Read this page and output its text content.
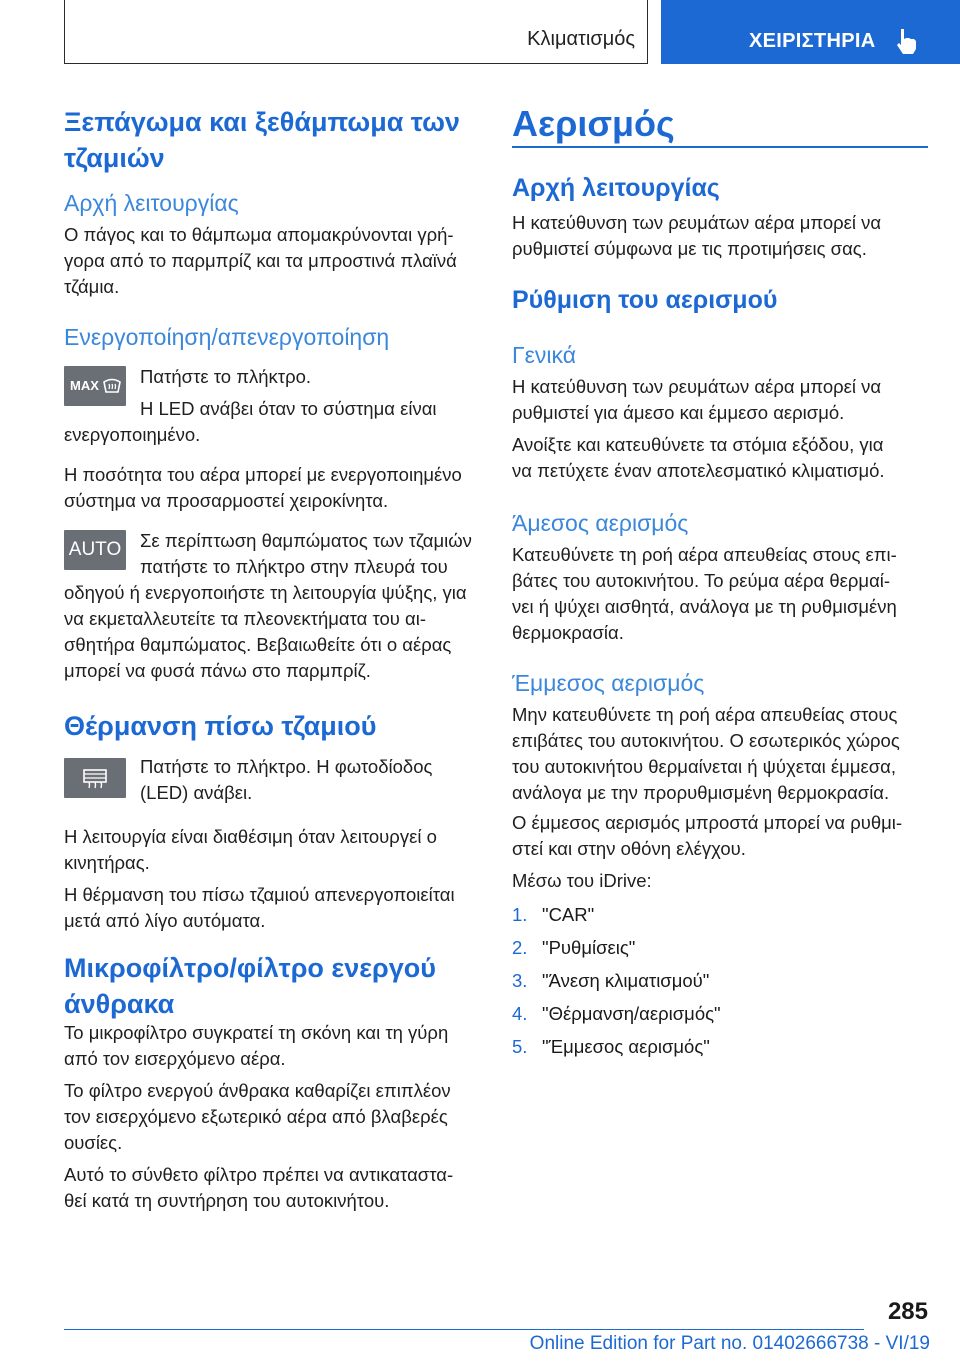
Κλιματισμός	ΧΕΙΡΙΣΤΗΡΙΑ
Ξεπάγωμα και ξεθάμπωμα των
τζαμιών
Αρχή λειτουργίας
Ο πάγος και το θάμπωμα απομακρύνονται γρή-
γορα από το παρμπρίζ και τα μπροστινά πλαϊνά
τζάμια.
Ενεργοποίηση/απενεργοποίηση
MAX	Πατήστε το πλήκτρο.
Η LED ανάβει όταν το σύστημα είναι
ενεργοποιημένο.
Η ποσότητα του αέρα μπορεί με ενεργοποιημένο
σύστημα να προσαρμοστεί χειροκίνητα.
AUTO	Σε περίπτωση θαμπώματος των τζαμιών
πατήστε το πλήκτρο στην πλευρά του
οδηγού ή ενεργοποιήστε τη λειτουργία ψύξης, για
να εκμεταλλευτείτε τα πλεονεκτήματα του αι-
σθητήρα θαμπώματος. Βεβαιωθείτε ότι ο αέρας
μπορεί να φυσά πάνω στο παρμπρίζ.
Θέρμανση πίσω τζαμιού
Πατήστε το πλήκτρο. Η φωτοδίοδος
(LED) ανάβει.
Η λειτουργία είναι διαθέσιμη όταν λειτουργεί ο
κινητήρας.
Η θέρμανση του πίσω τζαμιού απενεργοποιείται
μετά από λίγο αυτόματα.
Μικροφίλτρο/φίλτρο ενεργού
άνθρακα
Το μικροφίλτρο συγκρατεί τη σκόνη και τη γύρη
από τον εισερχόμενο αέρα.
Το φίλτρο ενεργού άνθρακα καθαρίζει επιπλέον
τον εισερχόμενο εξωτερικό αέρα από βλαβερές
ουσίες.
Αυτό το σύνθετο φίλτρο πρέπει να αντικαταστα-
θεί κατά τη συντήρηση του αυτοκινήτου.
Αερισμός
Αρχή λειτουργίας
Η κατεύθυνση των ρευμάτων αέρα μπορεί να
ρυθμιστεί σύμφωνα με τις προτιμήσεις σας.
Ρύθμιση του αερισμού
Γενικά
Η κατεύθυνση των ρευμάτων αέρα μπορεί να
ρυθμιστεί για άμεσο και έμμεσο αερισμό.
Ανοίξτε και κατευθύνετε τα στόμια εξόδου, για
να πετύχετε έναν αποτελεσματικό κλιματισμό.
Άμεσος αερισμός
Κατευθύνετε τη ροή αέρα απευθείας στους επι-
βάτες του αυτοκινήτου. Το ρεύμα αέρα θερμαί-
νει ή ψύχει αισθητά, ανάλογα με τη ρυθμισμένη
θερμοκρασία.
Έμμεσος αερισμός
Μην κατευθύνετε τη ροή αέρα απευθείας στους
επιβάτες του αυτοκινήτου. Ο εσωτερικός χώρος
του αυτοκινήτου θερμαίνεται ή ψύχεται έμμεσα,
ανάλογα με την προρυθμισμένη θερμοκρασία.
Ο έμμεσος αερισμός μπροστά μπορεί να ρυθμι-
στεί και στην οθόνη ελέγχου.
Μέσω του iDrive:
1. "CAR"
2. "Ρυθμίσεις"
3. "Άνεση κλιματισμού"
4. "Θέρμανση/αερισμός"
5. "Έμμεσος αερισμός"
285
Online Edition for Part no. 01402666738 - VI/19
